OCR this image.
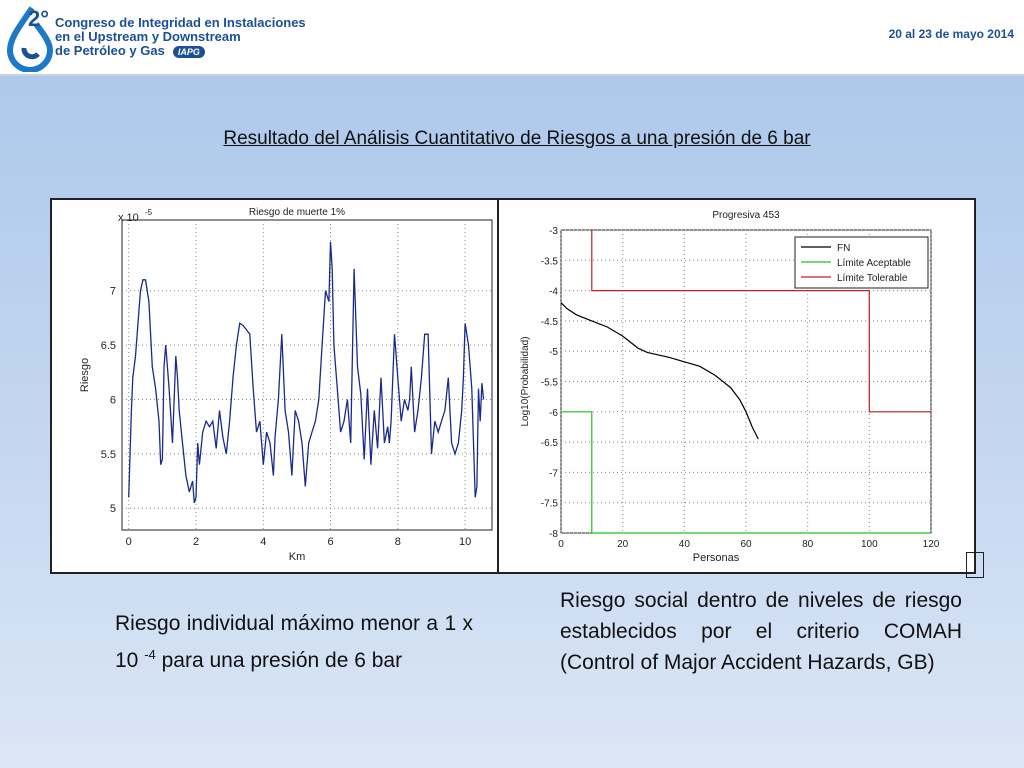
2° Congreso de Integridad en Instalaciones
en el Upstream y Downstream
de Petróleo y Gas IAPG
20 al 23 de mayo 2014
Resultado del Análisis Cuantitativo de Riesgos a una presión de 6 bar
0	2	4	6	8	10
5
5.5
6
6.5
7
Riesgo de muerte 1%
Km
Riesgo
x 10 -5
0	20	40	60	80	100	120
-3
-3.5
-4
-4.5
-5
-5.5
-6
-6.5
-7
-7.5
-8
Progresiva 453
Personas
Log10(Probabilidad)
FN
Límite Aceptable
Límite Tolerable
Riesgo individual máximo menor a 1 x 10 $^{-4}$ para una presión de 6 bar
Riesgo social dentro de niveles de riesgo establecidos por el criterio COMAH (Control of Major Accident Hazards, GB)
